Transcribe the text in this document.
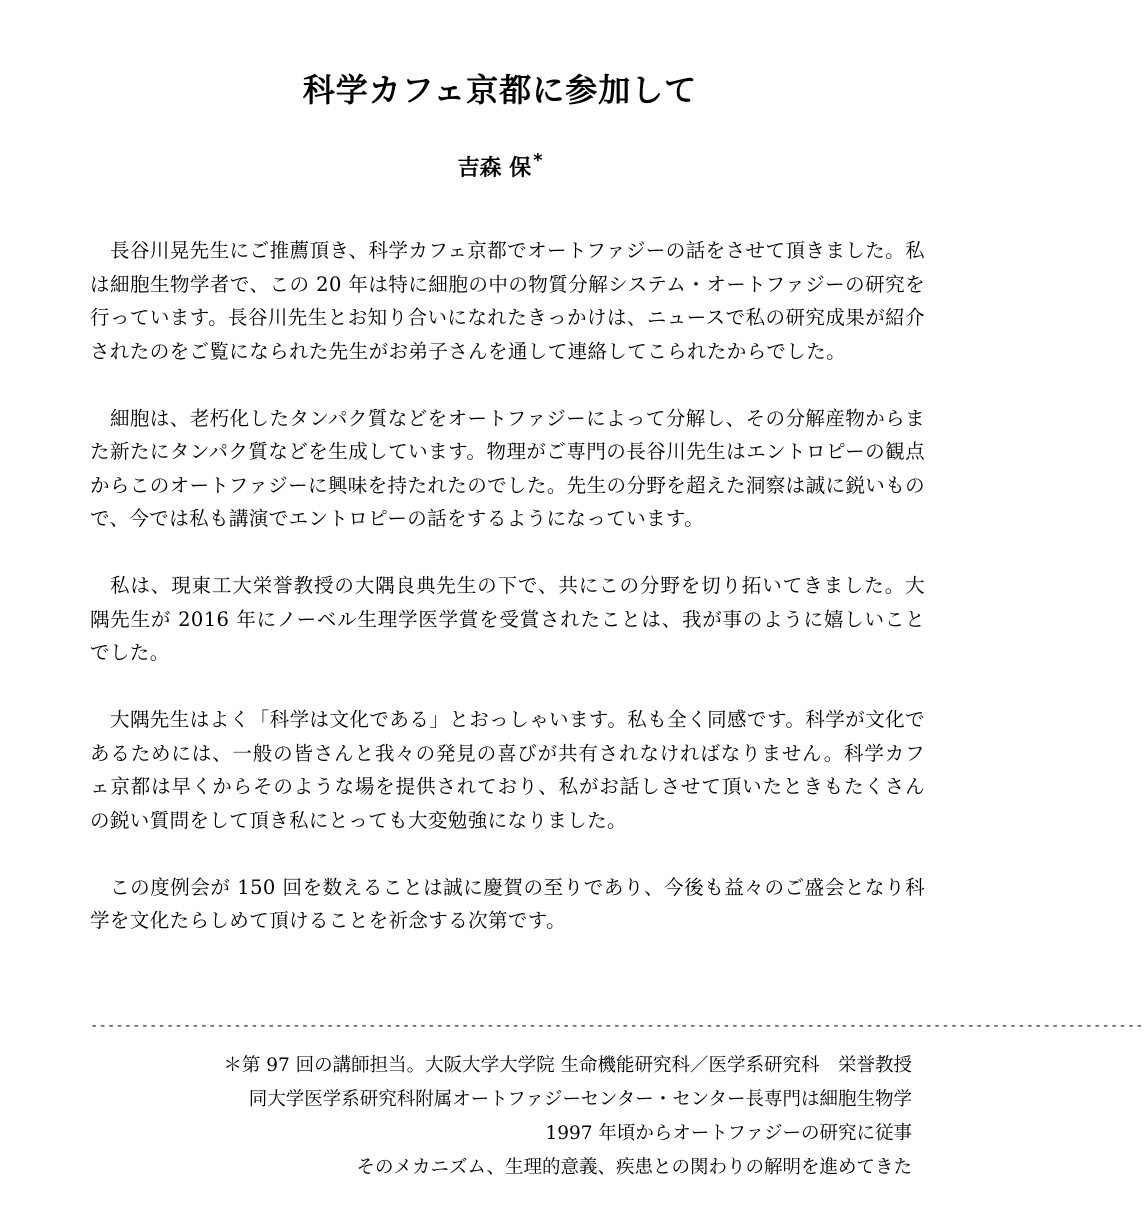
科学カフェ京都に参加して
吉森 保 *

長谷川晃先生にご推薦頂き、科学カフェ京都でオートファジーの話をさせて頂きました。私は細胞生物学者で、この 20 年は特に細胞の中の物質分解システム・オートファジーの研究を行っています。長谷川先生とお知り合いになれたきっかけは、ニュースで私の研究成果が紹介されたのをご覧になられた先生がお弟子さんを通して連絡してこられたからでした。

細胞は、老朽化したタンパク質などをオートファジーによって分解し、その分解産物からまた新たにタンパク質などを生成しています。物理がご専門の長谷川先生はエントロピーの観点からこのオートファジーに興味を持たれたのでした。先生の分野を超えた洞察は誠に鋭いもので、今では私も講演でエントロピーの話をするようになっています。

私は、現東工大栄誉教授の大隅良典先生の下で、共にこの分野を切り拓いてきました。大隅先生が 2016 年にノーベル生理学医学賞を受賞されたことは、我が事のように嬉しいことでした。

大隅先生はよく「科学は文化である」とおっしゃいます。私も全く同感です。科学が文化であるためには、一般の皆さんと我々の発見の喜びが共有されなければなりません。科学カフェ京都は早くからそのような場を提供されており、私がお話しさせて頂いたときもたくさんの鋭い質問をして頂き私にとっても大変勉強になりました。

この度例会が 150 回を数えることは誠に慶賀の至りであり、今後も益々のご盛会となり科学を文化たらしめて頂けることを祈念する次第です。

-----------------------------------------------------------------------------------------------------------------------------
＊第 97 回の講師担当。大阪大学大学院 生命機能研究科／医学系研究科　栄誉教授
同大学医学系研究科附属オートファジーセンター・センター長専門は細胞生物学
1997 年頃からオートファジーの研究に従事
そのメカニズム、生理的意義、疾患との関わりの解明を進めてきた
